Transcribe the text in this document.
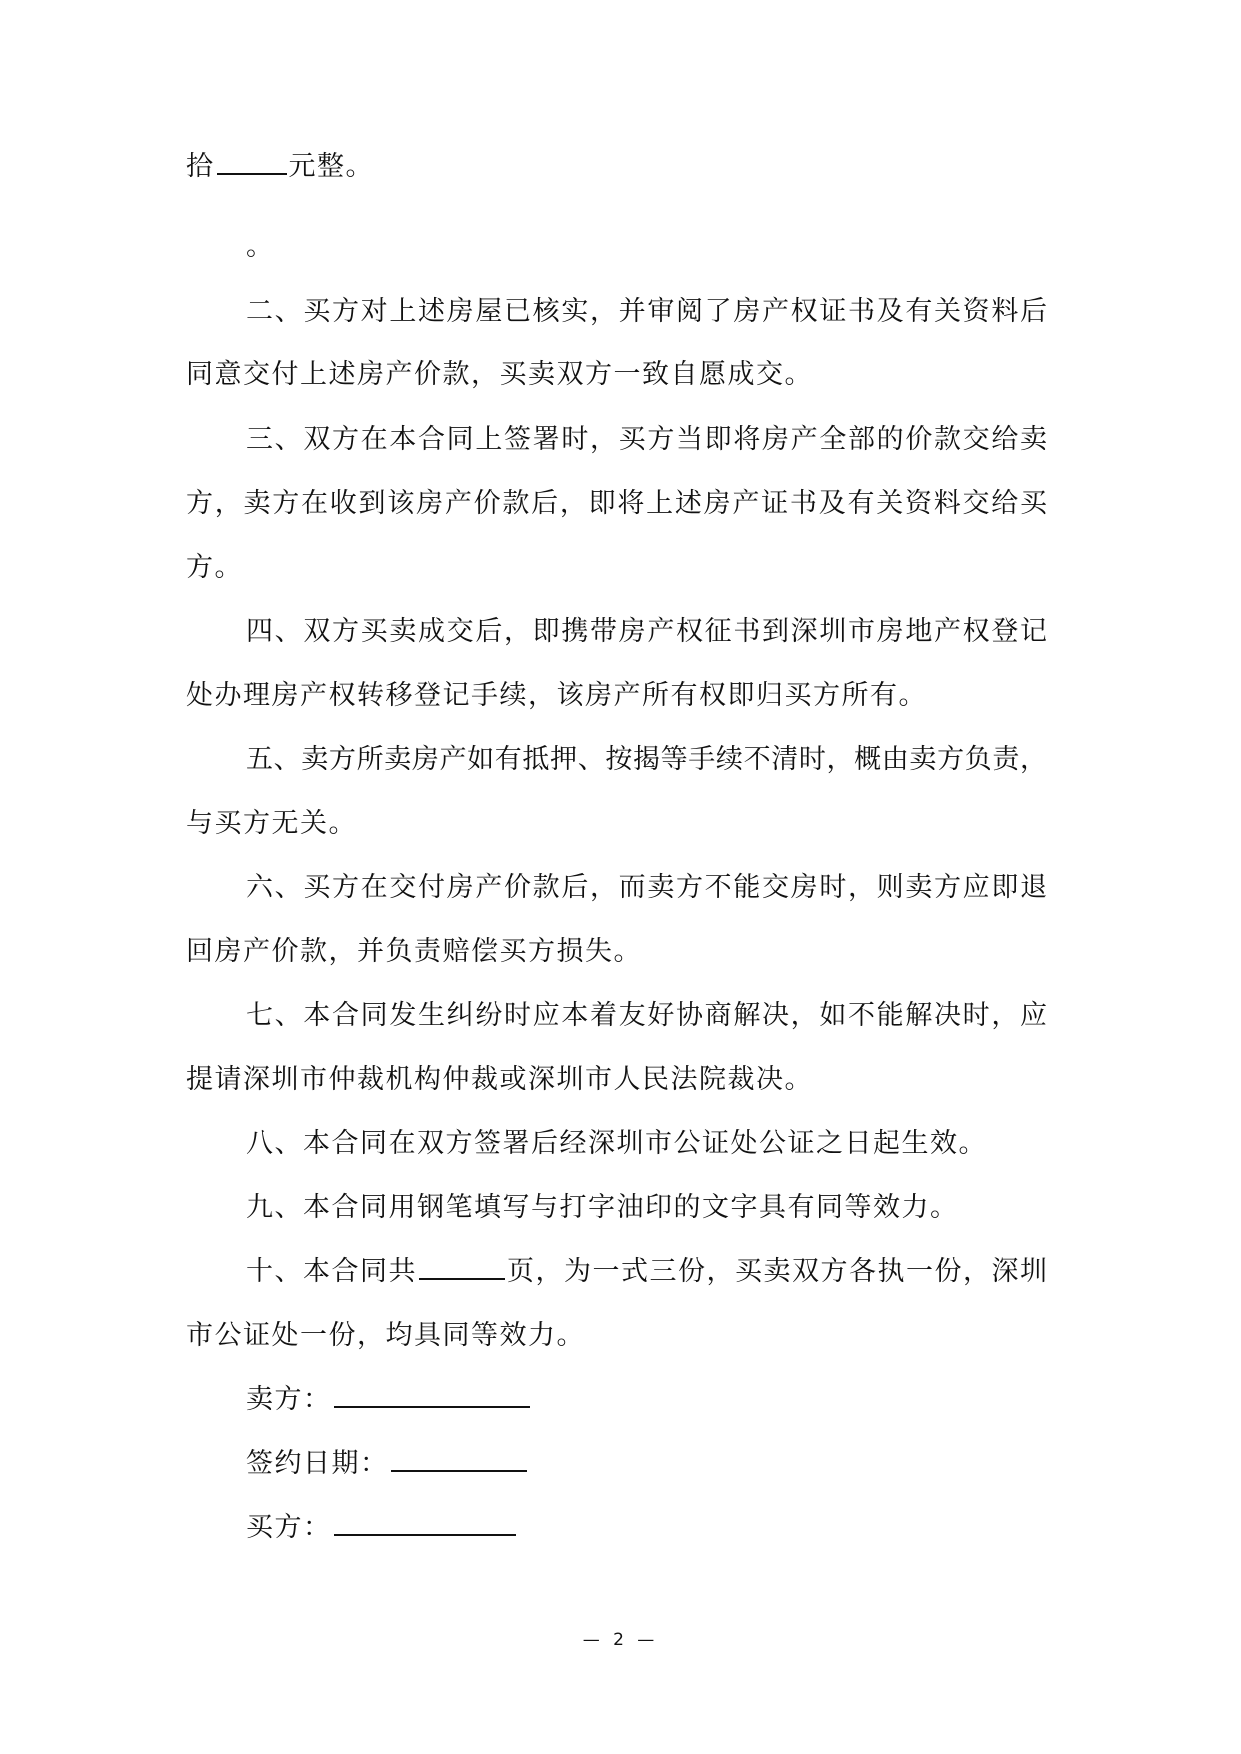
拾	元整。
。
二、买方对上述房屋已核实，并审阅了房产权证书及有关资料后
同意交付上述房产价款，买卖双方一致自愿成交。
三、双方在本合同上签署时，买方当即将房产全部的价款交给卖
方，卖方在收到该房产价款后，即将上述房产证书及有关资料交给买
方。
四、双方买卖成交后，即携带房产权征书到深圳市房地产权登记
处办理房产权转移登记手续，该房产所有权即归买方所有。
五、卖方所卖房产如有抵押、按揭等手续不清时，概由卖方负责，
与买方无关。
六、买方在交付房产价款后，而卖方不能交房时，则卖方应即退
回房产价款，并负责赔偿买方损失。
七、本合同发生纠纷时应本着友好协商解决，如不能解决时，应
提请深圳市仲裁机构仲裁或深圳市人民法院裁决。
八、本合同在双方签署后经深圳市公证处公证之日起生效。
九、本合同用钢笔填写与打字油印的文字具有同等效力。
十、本合同共	页，为一式三份，买卖双方各执一份，深圳
市公证处一份，均具同等效力。
卖方：
签约日期：
买方：
— 2 —
